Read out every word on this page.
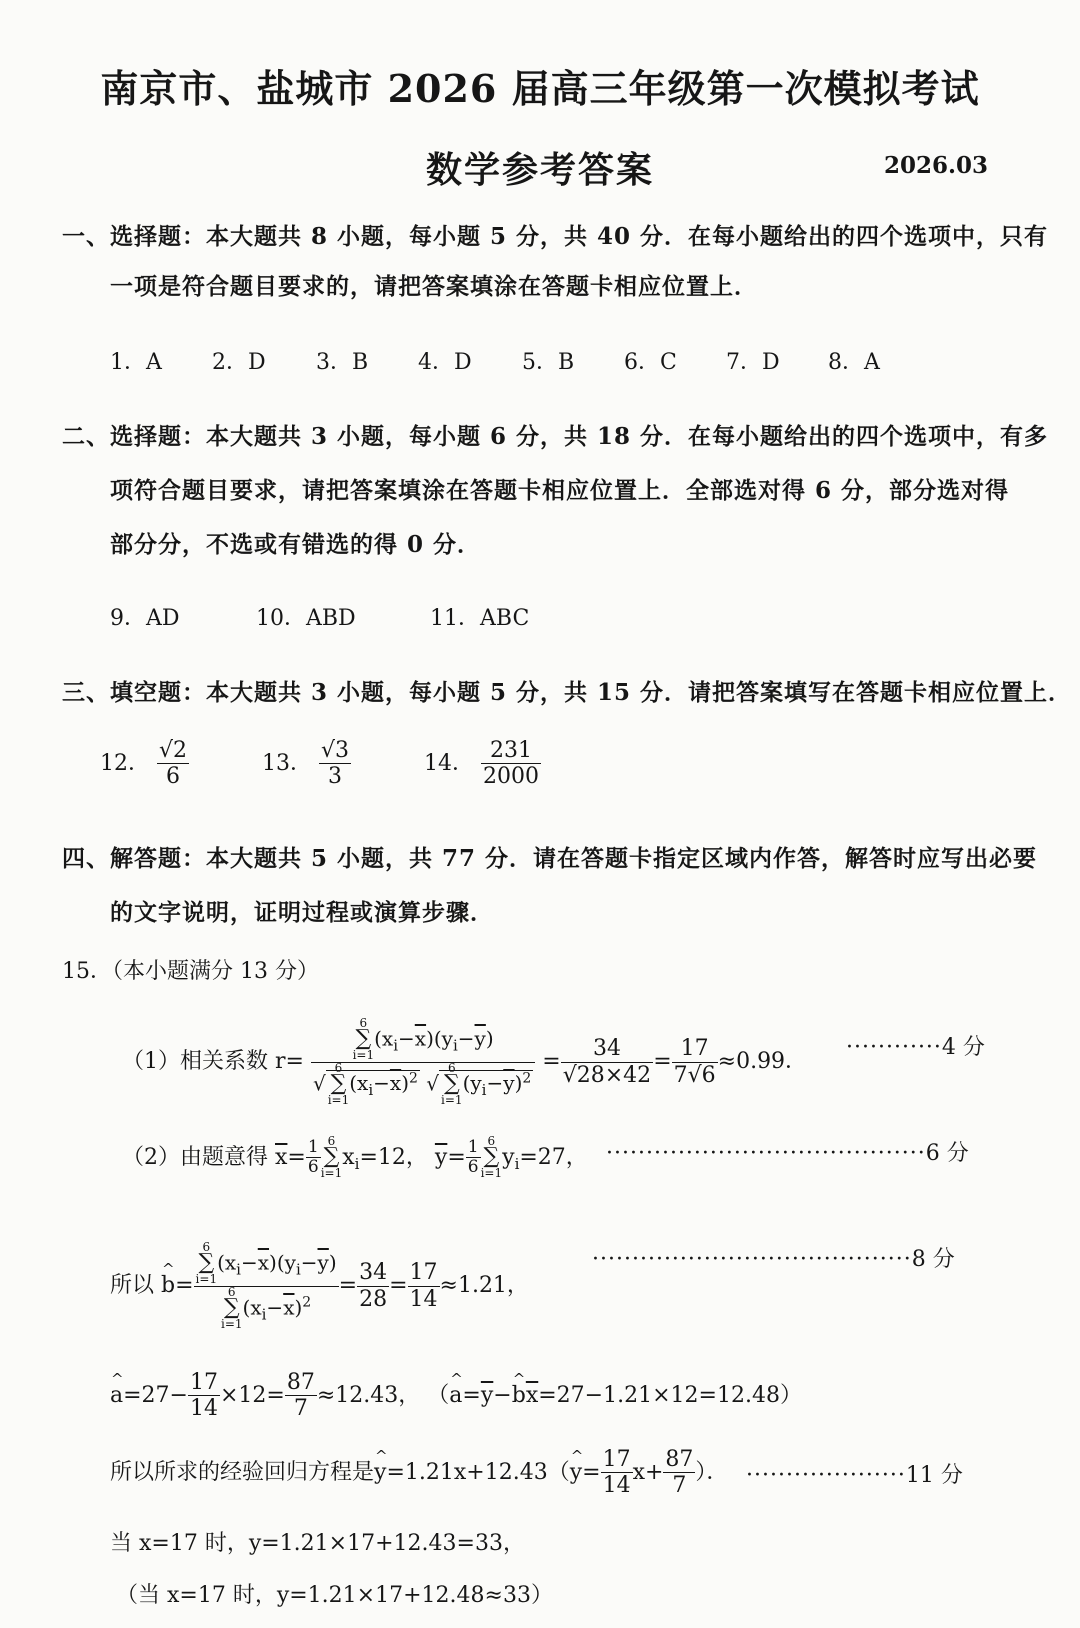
南京市、盐城市 2026 届高三年级第一次模拟考试
数学参考答案	2026.03
一、选择题：本大题共 8 小题，每小题 5 分，共 40 分．在每小题给出的四个选项中，只有
一项是符合题目要求的，请把答案填涂在答题卡相应位置上．
1．A 2．D 3．B 4．D 5．B 6．C 7．D 8．A
二、选择题：本大题共 3 小题，每小题 6 分，共 18 分．在每小题给出的四个选项中，有多
项符合题目要求，请把答案填涂在答题卡相应位置上．全部选对得 6 分，部分选对得
部分分，不选或有错选的得 0 分．
9．AD	10．ABD	11．ABC
三、填空题：本大题共 3 小题，每小题 5 分，共 15 分．请把答案填写在答题卡相应位置上．
12． $\frac{√2}{6}$	13． $\frac{√3}{3}$	14． $\frac{231}{2000}$
四、解答题：本大题共 5 小题，共 77 分．请在答题卡指定区域内作答，解答时应写出必要
的文字说明，证明过程或演算步骤．
15．（本小题满分 13 分）
（1）相关系数 r= 6
∑
i=1
$(x_i-\overline{x})(y_i-\overline{y})$
√
6
∑
i=1
$(x_i-\overline{x})^2$ √
6
∑
i=1
$(y_i-\overline{y})^2 = \frac{34}{√28\times 42} = \frac{17}{7√6} \approx 0.99$．
············4 分
（2）由题意得 $\overline{x}= \frac{1}{6} 6$
∑
i=1
$x_i=12$， $\overline{y}= \frac{1}{6} 6$
∑
i=1
$y_i=27$， ········································6 分
所以 ^ b= 6
∑
i=1
$(x_i-\overline{x})(y_i-\overline{y})$
6
∑
i=1
$(x_i-\overline{x})^2 = \frac{34}{28} = \frac{17}{14} \approx 1.21$，
········································8 分
^ $a=27- \frac{17}{14} \times 12= \frac{87}{7} \approx 12.43$， （^ $a=\overline{y}-\^{}$ $b\overline{x}=27-1.21\times 12=12.48$）
所以所求的经验回归方程是^ y=1.21x+12.43（^ $y= \frac{17}{14} x+ \frac{87}{7}$ ）． ····················11 分
当 x=17 时，y=1.21×17+12.43=33，
（当 x=17 时，y=1.21×17+12.48≈33）
